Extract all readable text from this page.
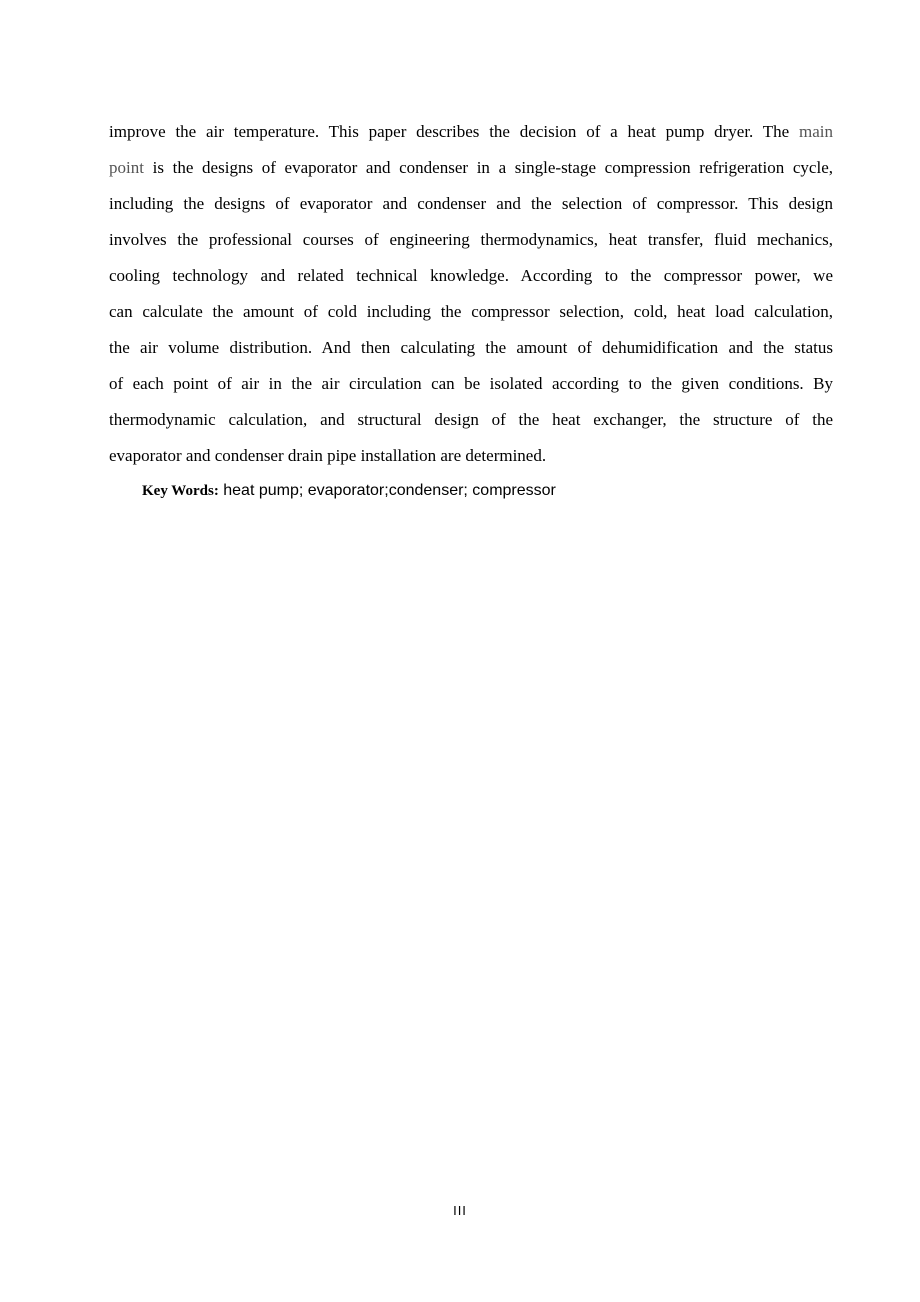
improve the air temperature. This paper describes the decision of a heat pump dryer. The main
point is the designs of evaporator and condenser in a single-stage compression refrigeration cycle,
including the designs of evaporator and condenser and the selection of compressor. This design
involves the professional courses of engineering thermodynamics, heat transfer, fluid mechanics,
cooling technology and related technical knowledge. According to the compressor power, we
can calculate the amount of cold including the compressor selection, cold, heat load calculation,
the air volume distribution. And then calculating the amount of dehumidification and the status
of each point of air in the air circulation can be isolated according to the given conditions. By
thermodynamic calculation, and structural design of the heat exchanger, the structure of the
evaporator and condenser drain pipe installation are determined.

Key Words: heat pump; evaporator;condenser; compressor

III
